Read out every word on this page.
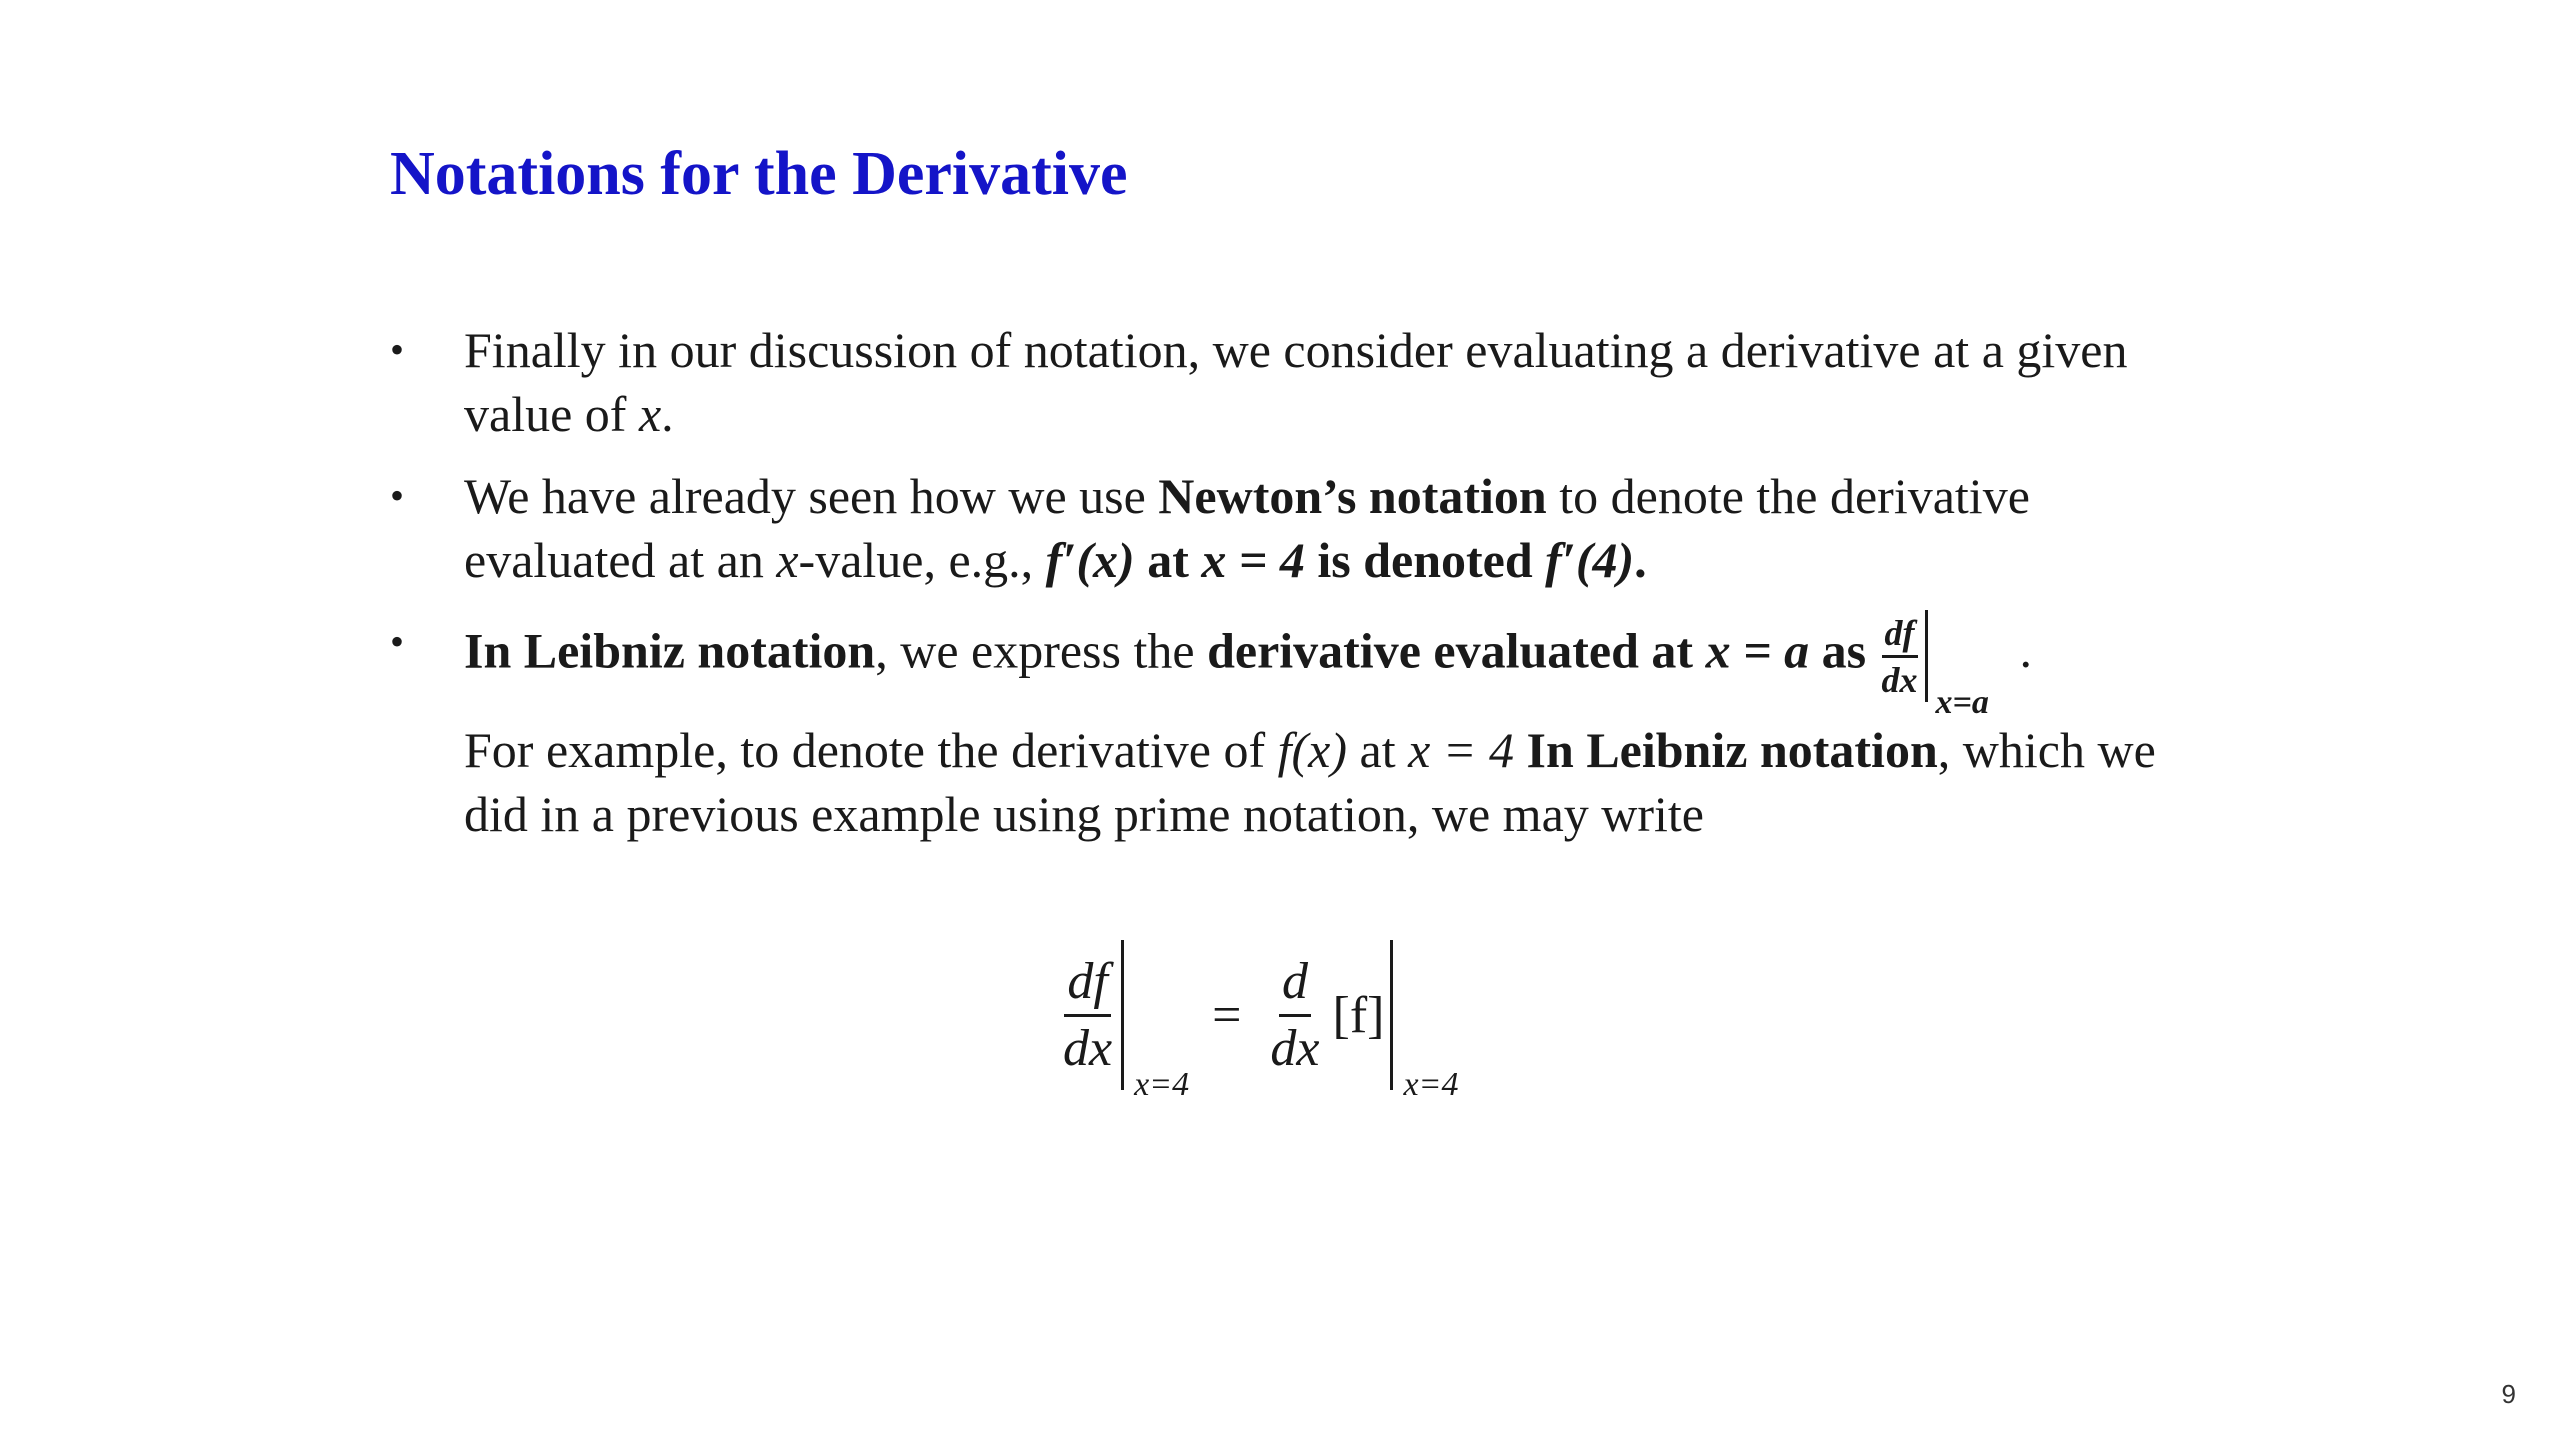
Notations for the Derivative
• Finally in our discussion of notation, we consider evaluating a derivative at a given value of x.
• We have already seen how we use Newton’s notation to denote the derivative evaluated at an x-value, e.g., f′(x) at x = 4 is denoted f′(4).
• In Leibniz notation, we express the derivative evaluated at x = a as $\frac{df}{dx}$
x=a
.
For example, to denote the derivative of f(x) at x = 4 In Leibniz notation, which we did in a previous example using prime notation, we may write
$\frac{df}{dx}$
x=4
= $\frac{d}{dx} [f]$
x=4
9
